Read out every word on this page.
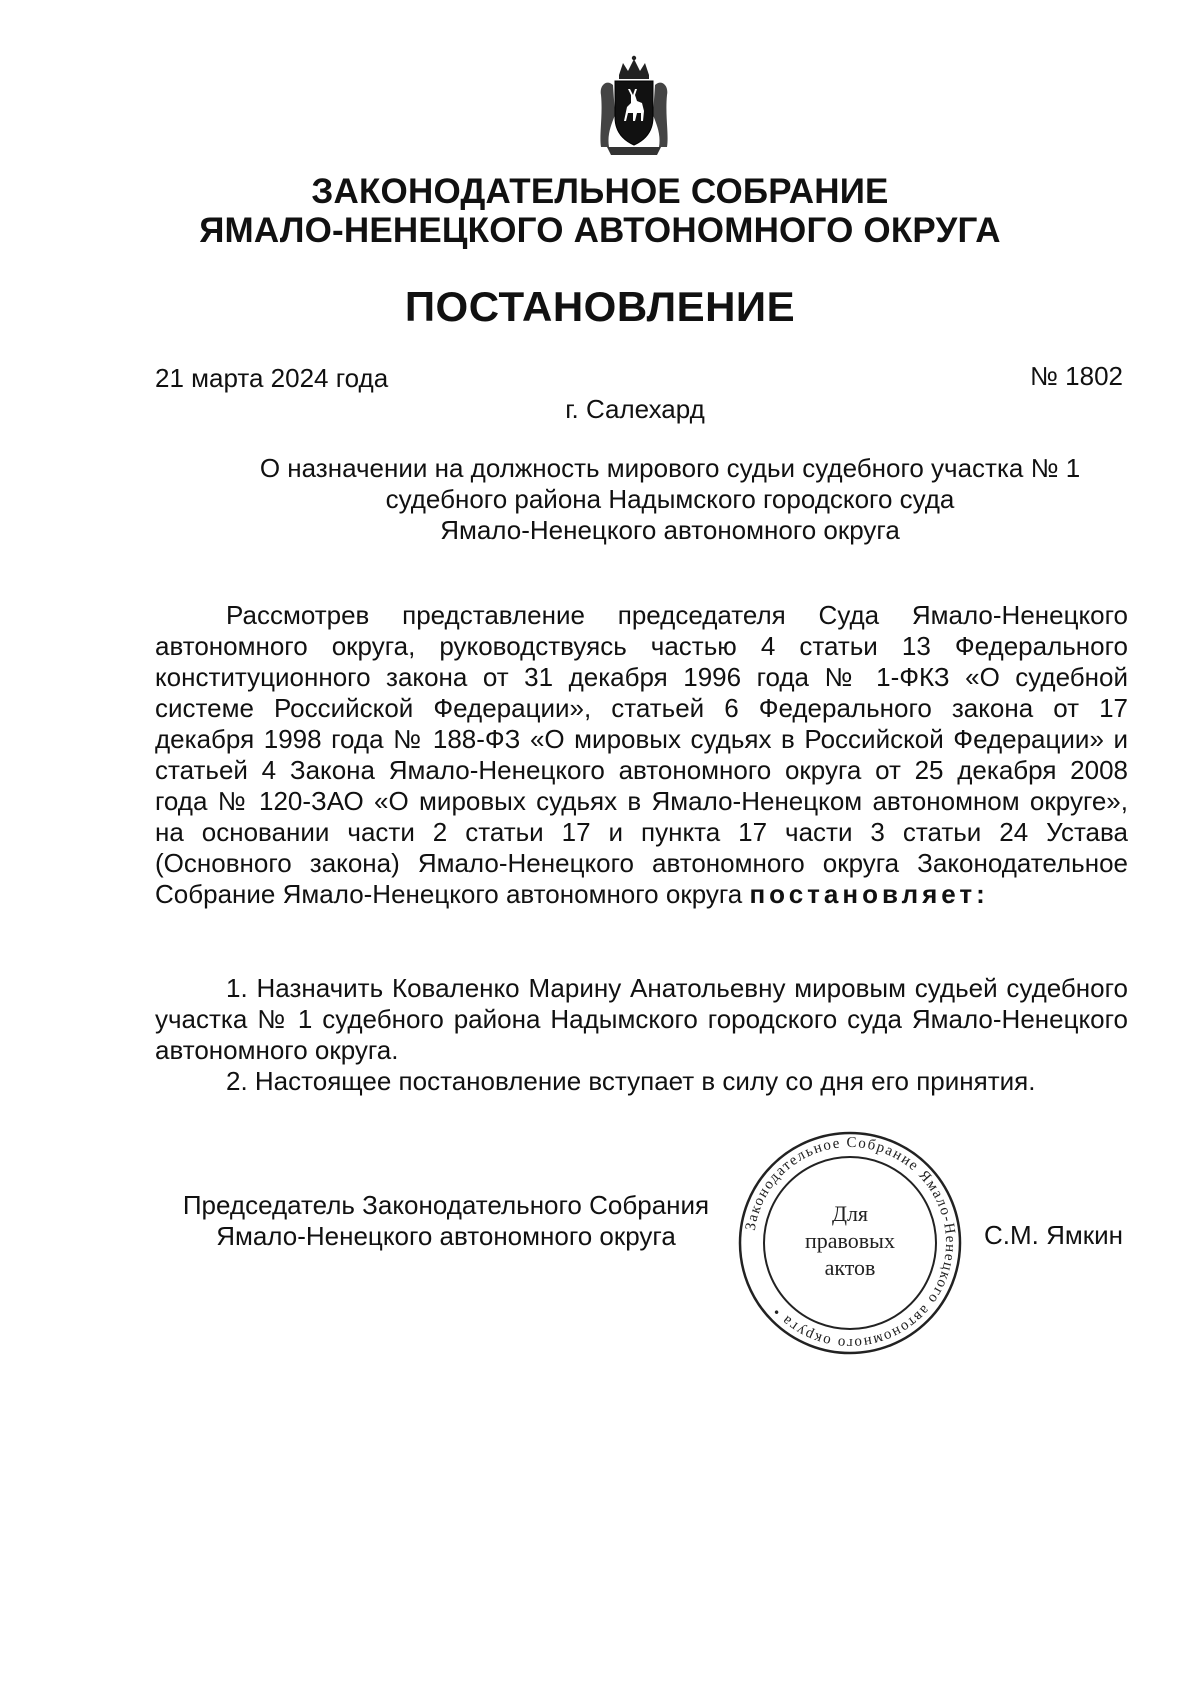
ЗАКОНОДАТЕЛЬНОЕ СОБРАНИЕ
ЯМАЛО-НЕНЕЦКОГО АВТОНОМНОГО ОКРУГА
ПОСТАНОВЛЕНИЕ
21 марта 2024 года	№ 1802
г. Салехард
О назначении на должность мирового судьи судебного участка № 1
судебного района Надымского городского суда
Ямало-Ненецкого автономного округа

Рассмотрев представление председателя Суда Ямало-Ненецкого автономного округа, руководствуясь частью 4 статьи 13 Федерального конституционного закона от 31 декабря 1996 года № 1-ФКЗ «О судебной системе Российской Федерации», статьей 6 Федерального закона от 17 декабря 1998 года № 188-ФЗ «О мировых судьях в Российской Федерации» и статьей 4 Закона Ямало-Ненецкого автономного округа от 25 декабря 2008 года № 120-ЗАО «О мировых судьях в Ямало-Ненецком автономном округе», на основании части 2 статьи 17 и пункта 17 части 3 статьи 24 Устава (Основного закона) Ямало-Ненецкого автономного округа Законодательное Собрание Ямало-Ненецкого автономного округа постановляет:

1. Назначить Коваленко Марину Анатольевну мировым судьей судебного участка № 1 судебного района Надымского городского суда Ямало-Ненецкого автономного округа.

2. Настоящее постановление вступает в силу со дня его принятия.

Председатель Законодательного Собрания
Ямало-Ненецкого автономного округа	С.М. Ямкин
Законодательное Собрание Ямало-Ненецкого автономного округа •
Для
правовых
актов
